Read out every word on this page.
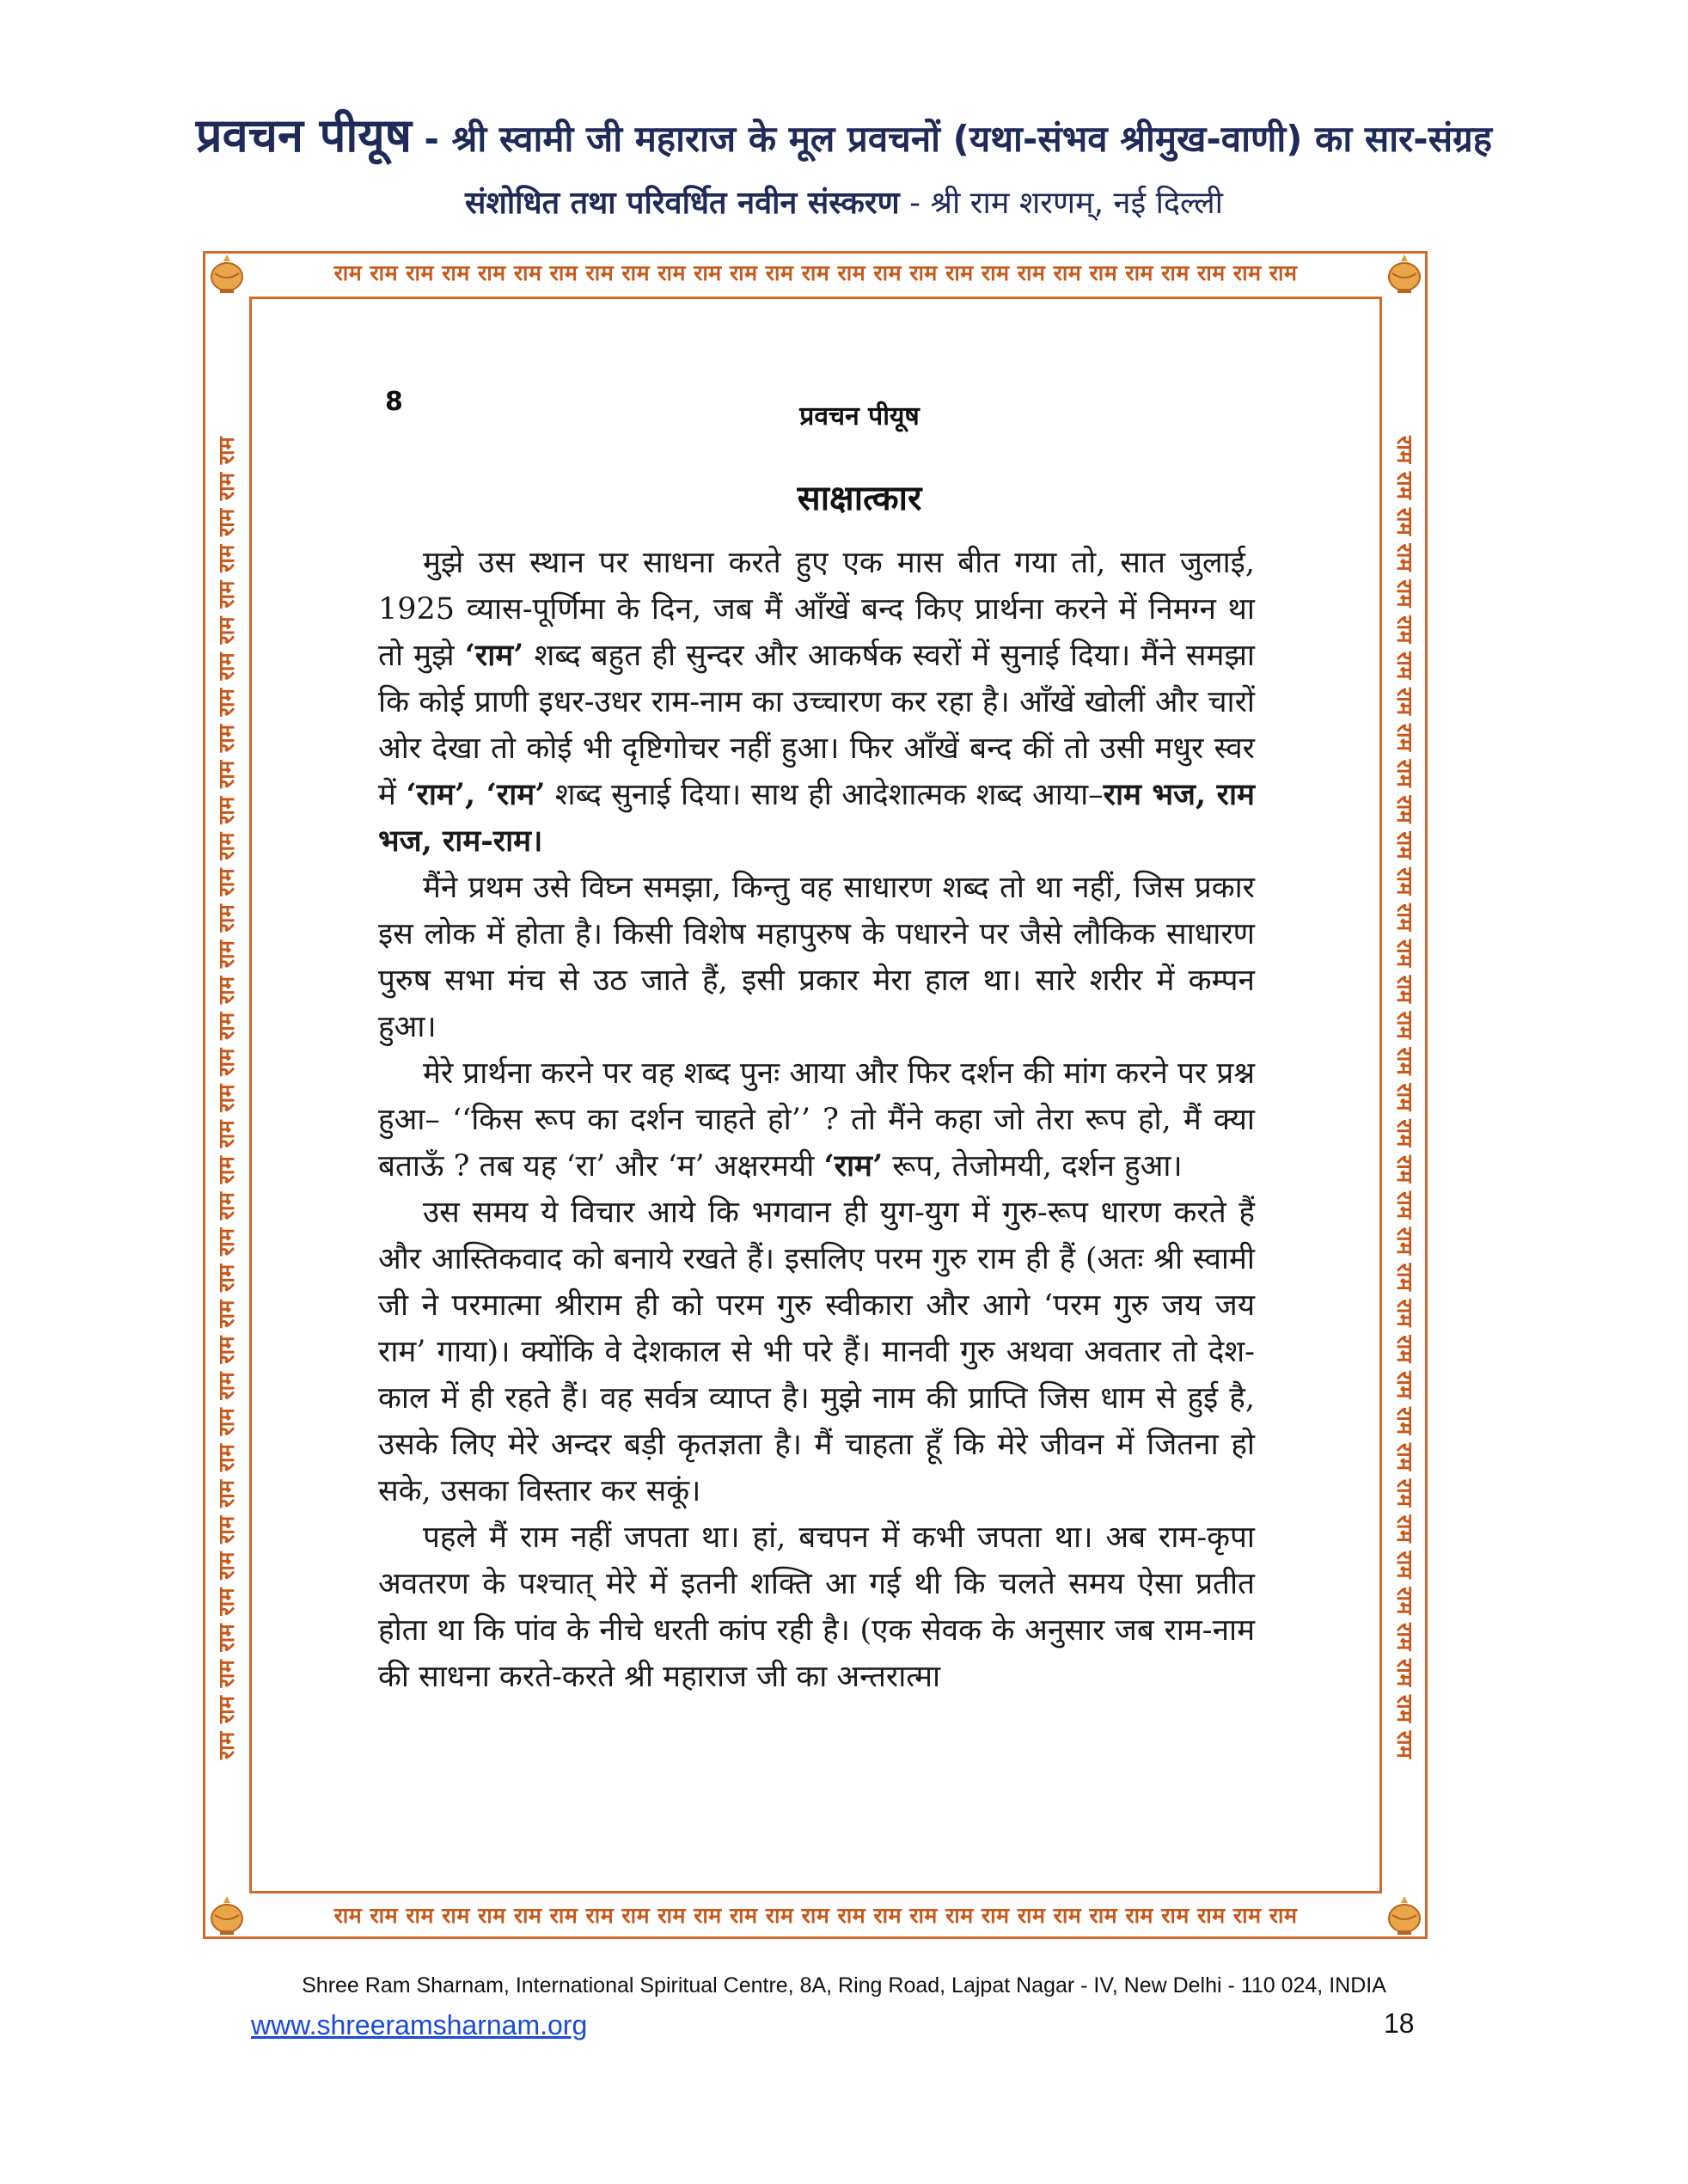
प्रवचन पीयूष - श्री स्वामी जी महाराज के मूल प्रवचनों (यथा-संभव श्रीमुख-वाणी) का सार-संग्रह
संशोधित तथा परिवर्धित नवीन संस्करण - श्री राम शरणम्, नई दिल्ली
राम राम राम राम राम राम राम राम राम राम राम राम राम राम राम राम राम राम राम राम राम राम राम राम राम राम राम
राम राम राम राम राम राम राम राम राम राम राम राम राम राम राम राम राम राम राम राम राम राम राम राम राम राम राम
राम राम राम राम राम राम राम राम राम राम राम राम राम राम राम राम राम राम राम राम राम राम राम राम राम राम राम राम राम राम राम राम राम राम राम राम राम	राम राम राम राम राम राम राम राम राम राम राम राम राम राम राम राम राम राम राम राम राम राम राम राम राम राम राम राम राम राम राम राम राम राम राम राम राम
8	प्रवचन पीयूष
साक्षात्कार

मुझे उस स्थान पर साधना करते हुए एक मास बीत गया तो, सात जुलाई, 1925 व्यास-पूर्णिमा के दिन, जब मैं आँखें बन्द किए प्रार्थना करने में निमग्न था तो मुझे ‘राम’ शब्द बहुत ही सुन्दर और आकर्षक स्वरों में सुनाई दिया। मैंने समझा कि कोई प्राणी इधर-उधर राम-नाम का उच्चारण कर रहा है। आँखें खोलीं और चारों ओर देखा तो कोई भी दृष्टिगोचर नहीं हुआ। फिर आँखें बन्द कीं तो उसी मधुर स्वर में ‘राम’, ‘राम’ शब्द सुनाई दिया। साथ ही आदेशात्मक शब्द आया–राम भज, राम भज, राम-राम।

मैंने प्रथम उसे विघ्न समझा, किन्तु वह साधारण शब्द तो था नहीं, जिस प्रकार इस लोक में होता है। किसी विशेष महापुरुष के पधारने पर जैसे लौकिक साधारण पुरुष सभा मंच से उठ जाते हैं, इसी प्रकार मेरा हाल था। सारे शरीर में कम्पन हुआ।

मेरे प्रार्थना करने पर वह शब्द पुनः आया और फिर दर्शन की मांग करने पर प्रश्न हुआ– ‘‘किस रूप का दर्शन चाहते हो’’ ? तो मैंने कहा जो तेरा रूप हो, मैं क्या बताऊँ ? तब यह ‘रा’ और ‘म’ अक्षरमयी ‘राम’ रूप, तेजोमयी, दर्शन हुआ।

उस समय ये विचार आये कि भगवान ही युग-युग में गुरु-रूप धारण करते हैं और आस्तिकवाद को बनाये रखते हैं। इसलिए परम गुरु राम ही हैं (अतः श्री स्वामी जी ने परमात्मा श्रीराम ही को परम गुरु स्वीकारा और आगे ‘परम गुरु जय जय राम’ गाया)। क्योंकि वे देशकाल से भी परे हैं। मानवी गुरु अथवा अवतार तो देश-काल में ही रहते हैं। वह सर्वत्र व्याप्त है। मुझे नाम की प्राप्ति जिस धाम से हुई है, उसके लिए मेरे अन्दर बड़ी कृतज्ञता है। मैं चाहता हूँ कि मेरे जीवन में जितना हो सके, उसका विस्तार कर सकूं।

पहले मैं राम नहीं जपता था। हां, बचपन में कभी जपता था। अब राम-कृपा अवतरण के पश्चात् मेरे में इतनी शक्ति आ गई थी कि चलते समय ऐसा प्रतीत होता था कि पांव के नीचे धरती कांप रही है। (एक सेवक के अनुसार जब राम-नाम की साधना करते-करते श्री महाराज जी का अन्तरात्मा

Shree Ram Sharnam, International Spiritual Centre, 8A, Ring Road, Lajpat Nagar - IV, New Delhi - 110 024, INDIA
www.shreeramsharnam.org	18
